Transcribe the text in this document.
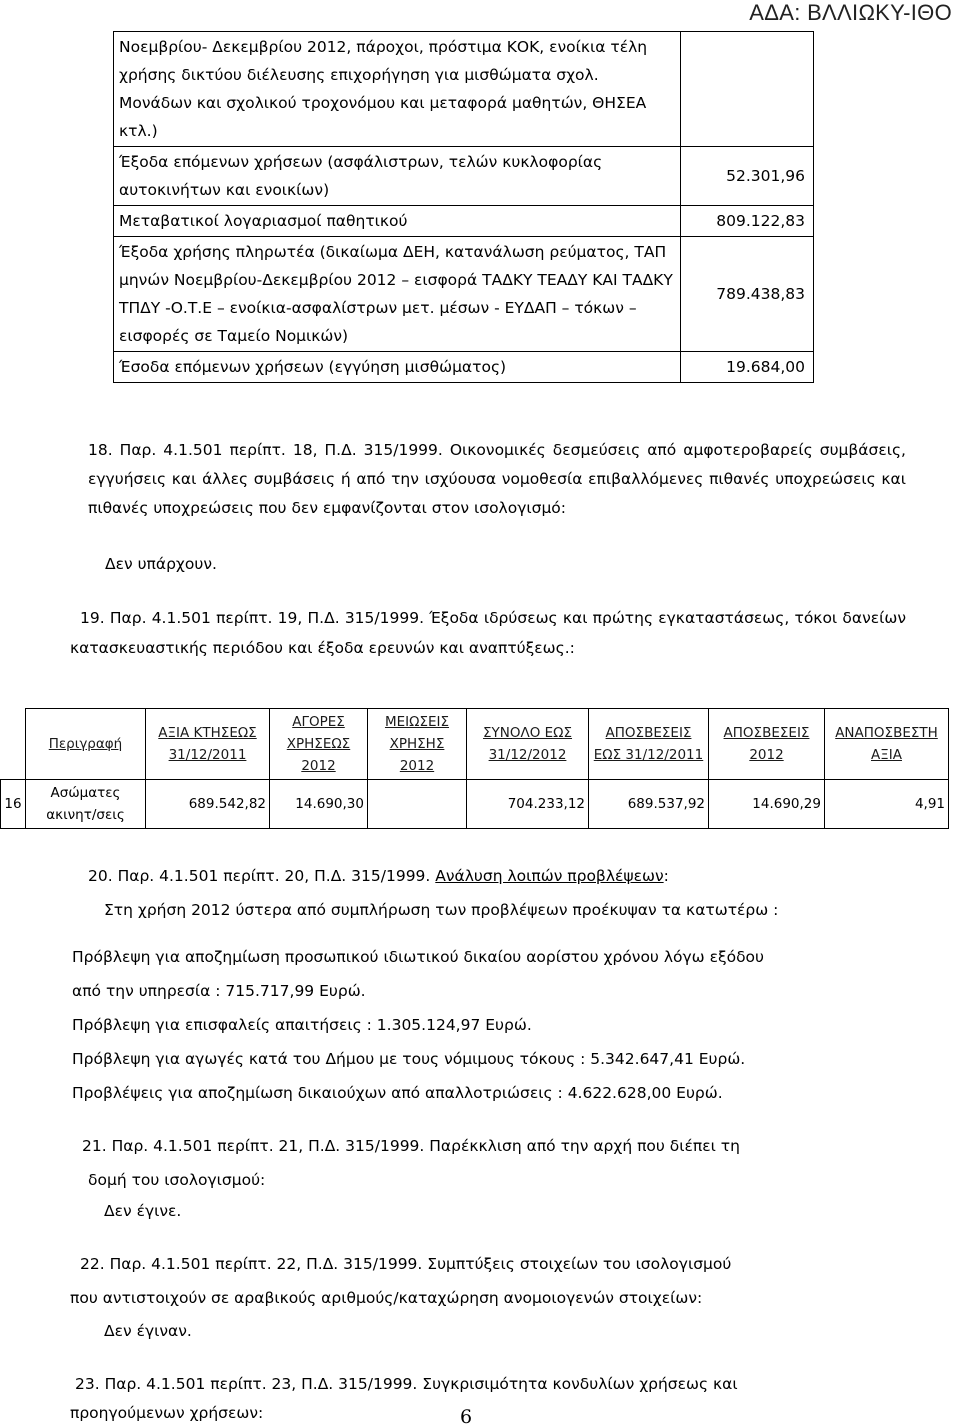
ΑΔΑ: ΒΛΛΙΩΚΥ-ΙΘΟ
Νοεμβρίου- Δεκεμβρίου 2012, πάροχοι, πρόστιμα ΚΟΚ, ενοίκια τέλη χρήσης δικτύου διέλευσης επιχορήγηση για μισθώματα σχολ. Μονάδων και σχολικού τροχονόμου και μεταφορά μαθητών, ΘΗΣΕΑ κτλ.)	
Έξοδα επόμενων χρήσεων (ασφάλιστρων, τελών κυκλοφορίας αυτοκινήτων και ενοικίων)	52.301,96
Μεταβατικοί λογαριασμοί παθητικού	809.122,83
Έξοδα χρήσης πληρωτέα (δικαίωμα ΔΕΗ, κατανάλωση ρεύματος, ΤΑΠ μηνών Νοεμβρίου-Δεκεμβρίου 2012 – εισφορά ΤΑΔΚΥ ΤΕΑΔΥ ΚΑΙ ΤΑΔΚΥ ΤΠΔΥ -Ο.Τ.Ε – ενοίκια-ασφαλίστρων μετ. μέσων - ΕΥΔΑΠ – τόκων – εισφορές σε Ταμείο Νομικών)	789.438,83
Έσοδα επόμενων χρήσεων (εγγύηση μισθώματος)	19.684,00
18. Παρ. 4.1.501 περίπτ. 18, Π.Δ. 315/1999. Οικονομικές δεσμεύσεις από αμφοτεροβαρείς συμβάσεις, εγγυήσεις και άλλες συμβάσεις ή από την ισχύουσα νομοθεσία επιβαλλόμενες πιθανές υποχρεώσεις και πιθανές υποχρεώσεις που δεν εμφανίζονται στον ισολογισμό:
Δεν υπάρχουν.
19. Παρ. 4.1.501 περίπτ. 19, Π.Δ. 315/1999. Έξοδα ιδρύσεως και πρώτης εγκαταστάσεως, τόκοι δανείων κατασκευαστικής περιόδου και έξοδα ερευνών και αναπτύξεως.:
	Περιγραφή	ΑΞΙΑ ΚΤΗΣΕΩΣ 31/12/2011	ΑΓΟΡΕΣ ΧΡΗΣΕΩΣ 2012	ΜΕΙΩΣΕΙΣ ΧΡΗΣΗΣ 2012	ΣΥΝΟΛΟ ΕΩΣ 31/12/2012	ΑΠΟΣΒΕΣΕΙΣ ΕΩΣ 31/12/2011	ΑΠΟΣΒΕΣΕΙΣ 2012	ΑΝΑΠΟΣΒΕΣΤΗ ΑΞΙΑ
16	Ασώματες ακινητ/σεις	689.542,82	14.690,30		704.233,12	689.537,92	14.690,29	4,91
20. Παρ. 4.1.501 περίπτ. 20, Π.Δ. 315/1999. Ανάλυση λοιπών προβλέψεων:
Στη χρήση 2012 ύστερα από συμπλήρωση των προβλέψεων προέκυψαν τα κατωτέρω :
Πρόβλεψη για αποζημίωση προσωπικού ιδιωτικού δικαίου αορίστου χρόνου λόγω εξόδου
από την υπηρεσία : 715.717,99 Ευρώ.
Πρόβλεψη για επισφαλείς απαιτήσεις : 1.305.124,97 Ευρώ.
Πρόβλεψη για αγωγές κατά του Δήμου με τους νόμιμους τόκους : 5.342.647,41 Ευρώ.
Προβλέψεις για αποζημίωση δικαιούχων από απαλλοτριώσεις : 4.622.628,00 Ευρώ.
21. Παρ. 4.1.501 περίπτ. 21, Π.Δ. 315/1999. Παρέκκλιση από την αρχή που διέπει τη
δομή του ισολογισμού:
Δεν έγινε.
22. Παρ. 4.1.501 περίπτ. 22, Π.Δ. 315/1999. Συμπτύξεις στοιχείων του ισολογισμού
που αντιστοιχούν σε αραβικούς αριθμούς/καταχώρηση ανομοιογενών στοιχείων:
Δεν έγιναν.
23. Παρ. 4.1.501 περίπτ. 23, Π.Δ. 315/1999. Συγκρισιμότητα κονδυλίων χρήσεως και
προηγούμενων χρήσεων:	6
